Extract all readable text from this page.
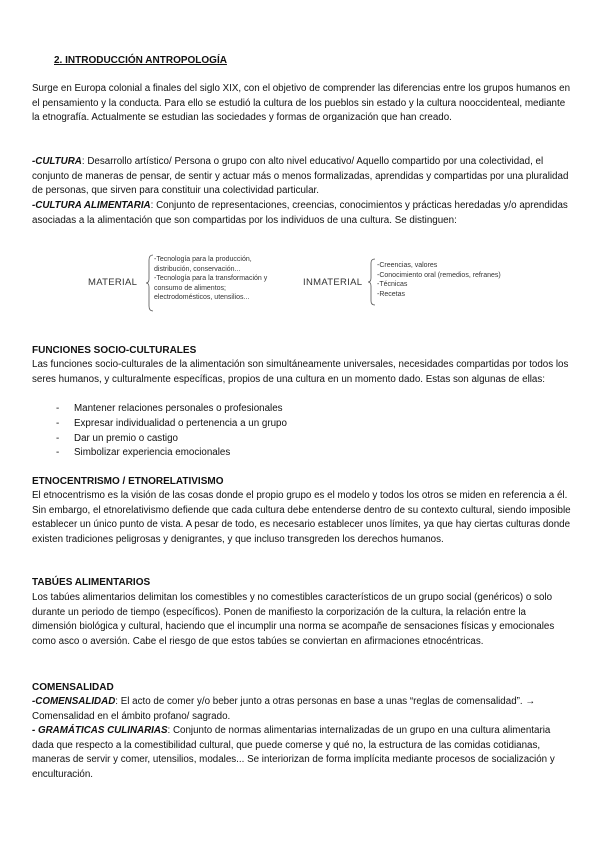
2. INTRODUCCIÓN ANTROPOLOGÍA

Surge en Europa colonial a finales del siglo XIX, con el objetivo de comprender las diferencias entre los grupos humanos en el pensamiento y la conducta. Para ello se estudió la cultura de los pueblos sin estado y la cultura nooccidenteal, mediante la etnografía. Actualmente se estudian las sociedades y formas de organización que han creado.

-CULTURA: Desarrollo artístico/ Persona o grupo con alto nivel educativo/ Aquello compartido por una colectividad, el conjunto de maneras de pensar, de sentir y actuar más o menos formalizadas, aprendidas y compartidas por una pluralidad de personas, que sirven para constituir una colectividad particular.

-CULTURA ALIMENTARIA: Conjunto de representaciones, creencias, conocimientos y prácticas heredadas y/o aprendidas asociadas a la alimentación que son compartidas por los individuos de una cultura. Se distinguen:

MATERIAL
-Tecnología para la producción,
distribución, conservación...
-Tecnología para la transformación y
consumo de alimentos;
electrodomésticos, utensilios...
INMATERIAL
-Creencias, valores
-Conocimiento oral (remedios, refranes)
-Técnicas
-Recetas
FUNCIONES SOCIO-CULTURALES

Las funciones socio-culturales de la alimentación son simultáneamente universales, necesidades compartidas por todos los seres humanos, y culturalmente específicas, propios de una cultura en un momento dado. Estas son algunas de ellas:

- Mantener relaciones personales o profesionales
- Expresar individualidad o pertenencia a un grupo
- Dar un premio o castigo
- Simbolizar experiencia emocionales
ETNOCENTRISMO / ETNORELATIVISMO

El etnocentrismo es la visión de las cosas donde el propio grupo es el modelo y todos los otros se miden en referencia a él. Sin embargo, el etnorelativismo defiende que cada cultura debe entenderse dentro de su contexto cultural, siendo imposible establecer un único punto de vista. A pesar de todo, es necesario establecer unos límites, ya que hay ciertas culturas donde existen tradiciones peligrosas y denigrantes, y que incluso transgreden los derechos humanos.

TABÚES ALIMENTARIOS

Los tabúes alimentarios delimitan los comestibles y no comestibles característicos de un grupo social (genéricos) o solo durante un periodo de tiempo (específicos). Ponen de manifiesto la corporización de la cultura, la relación entre la dimensión biológica y cultural, haciendo que el incumplir una norma se acompañe de sensaciones físicas y emocionales como asco o aversión. Cabe el riesgo de que estos tabúes se conviertan en afirmaciones etnocéntricas.

COMENSALIDAD

-COMENSALIDAD: El acto de comer y/o beber junto a otras personas en base a unas “reglas de comensalidad”. → Comensalidad en el ámbito profano/ sagrado.

- GRAMÁTICAS CULINARIAS: Conjunto de normas alimentarias internalizadas de un grupo en una cultura alimentaria dada que respecto a la comestibilidad cultural, que puede comerse y qué no, la estructura de las comidas cotidianas, maneras de servir y comer, utensilios, modales... Se interiorizan de forma implícita mediante procesos de socialización y enculturación.
